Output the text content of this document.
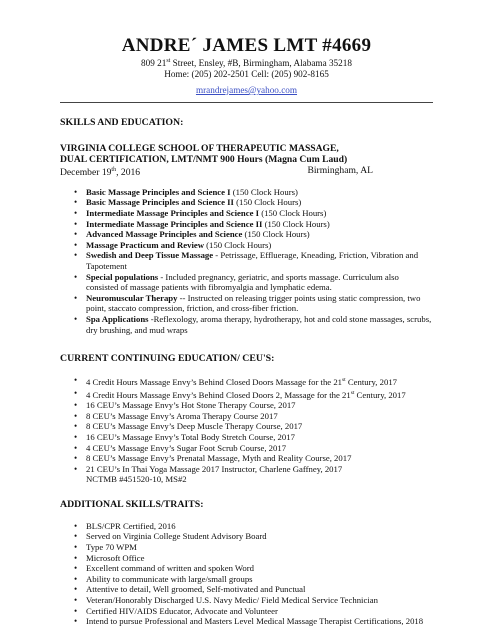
ANDRE´ JAMES LMT #4669
809 21st Street, Ensley, #B, Birmingham, Alabama 35218
Home: (205) 202-2501 Cell: (205) 902-8165
mrandrejames@yahoo.com
SKILLS AND EDUCATION:
VIRGINIA COLLEGE SCHOOL OF THERAPEUTIC MASSAGE,
DUAL CERTIFICATION, LMT/NMT 900 Hours (Magna Cum Laud)
December 19th, 2016	Birmingham, AL
• Basic Massage Principles and Science I (150 Clock Hours)
• Basic Massage Principles and Science II (150 Clock Hours)
• Intermediate Massage Principles and Science I (150 Clock Hours)
• Intermediate Massage Principles and Science II (150 Clock Hours)
• Advanced Massage Principles and Science (150 Clock Hours)
• Massage Practicum and Review (150 Clock Hours)
• Swedish and Deep Tissue Massage - Petrissage, Effluerage, Kneading, Friction, Vibration and Tapotement
• Special populations - Included pregnancy, geriatric, and sports massage. Curriculum also consisted of massage patients with fibromyalgia and lymphatic edema.
• Neuromuscular Therapy -- Instructed on releasing trigger points using static compression, two point, staccato compression, friction, and cross-fiber friction.
• Spa Applications -Reflexology, aroma therapy, hydrotherapy, hot and cold stone massages, scrubs, dry brushing, and mud wraps
CURRENT CONTINUING EDUCATION/ CEU'S:
• 4 Credit Hours Massage Envy’s Behind Closed Doors Massage for the 21st Century, 2017
• 4 Credit Hours Massage Envy’s Behind Closed Doors 2, Massage for the 21st Century, 2017
• 16 CEU’s Massage Envy’s Hot Stone Therapy Course, 2017
• 8 CEU’s Massage Envy’s Aroma Therapy Course 2017
• 8 CEU’s Massage Envy’s Deep Muscle Therapy Course, 2017
• 16 CEU’s Massage Envy’s Total Body Stretch Course, 2017
• 4 CEU’s Massage Envy’s Sugar Foot Scrub Course, 2017
• 8 CEU’s Massage Envy’s Prenatal Massage, Myth and Reality Course, 2017
• 21 CEU’s In Thai Yoga Massage 2017 Instructor, Charlene Gaffney, 2017
NCTMB #451520-10, MS#2
ADDITIONAL SKILLS/TRAITS:
• BLS/CPR Certified, 2016
• Served on Virginia College Student Advisory Board
• Type 70 WPM
• Microsoft Office
• Excellent command of written and spoken Word
• Ability to communicate with large/small groups
• Attentive to detail, Well groomed, Self-motivated and Punctual
• Veteran/Honorably Discharged U.S. Navy Medic/ Field Medical Service Technician
• Certified HIV/AIDS Educator, Advocate and Volunteer
• Intend to pursue Professional and Masters Level Medical Massage Therapist Certifications, 2018
